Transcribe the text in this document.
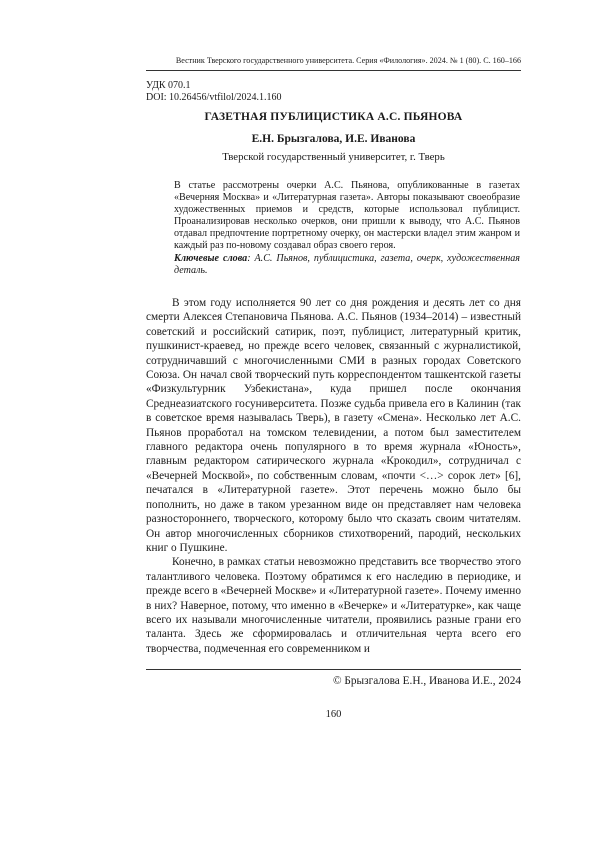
Вестник Тверского государственного университета. Серия «Филология». 2024. № 1 (80). С. 160–166
УДК 070.1
DOI: 10.26456/vtfilol/2024.1.160
ГАЗЕТНАЯ ПУБЛИЦИСТИКА А.С. ПЬЯНОВА
Е.Н. Брызгалова, И.Е. Иванова
Тверской государственный университет, г. Тверь

В статье рассмотрены очерки А.С. Пьянова, опубликованные в газетах «Вечерняя Москва» и «Литературная газета». Авторы показывают своеобразие художественных приемов и средств, которые использовал публицист. Проанализировав несколько очерков, они пришли к выводу, что А.С. Пьянов отдавал предпочтение портретному очерку, он мастерски владел этим жанром и каждый раз по-новому создавал образ своего героя.

Ключевые слова: А.С. Пьянов, публицистика, газета, очерк, художественная деталь.

В этом году исполняется 90 лет со дня рождения и десять лет со дня смерти Алексея Степановича Пьянова. А.С. Пьянов (1934–2014) – известный советский и российский сатирик, поэт, публицист, литературный критик, пушкинист-краевед, но прежде всего человек, связанный с журналистикой, сотрудничавший с многочисленными СМИ в разных городах Советского Союза. Он начал свой творческий путь корреспондентом ташкентской газеты «Физкультурник Узбекистана», куда пришел после окончания Среднеазиатского госуниверситета. Позже судьба привела его в Калинин (так в советское время называлась Тверь), в газету «Смена». Несколько лет А.С. Пьянов проработал на томском телевидении, а потом был заместителем главного редактора очень популярного в то время журнала «Юность», главным редактором сатирического журнала «Крокодил», сотрудничал с «Вечерней Москвой», по собственным словам, «почти <…> сорок лет» [6], печатался в «Литературной газете». Этот перечень можно было бы пополнить, но даже в таком урезанном виде он представляет нам человека разностороннего, творческого, которому было что сказать своим читателям. Он автор многочисленных сборников стихотворений, пародий, нескольких книг о Пушкине.

Конечно, в рамках статьи невозможно представить все творчество этого талантливого человека. Поэтому обратимся к его наследию в периодике, и прежде всего в «Вечерней Москве» и «Литературной газете». Почему именно в них? Наверное, потому, что именно в «Вечерке» и «Литературке», как чаще всего их называли многочисленные читатели, проявились разные грани его таланта. Здесь же сформировалась и отличительная черта всего его творчества, подмеченная его современником и

© Брызгалова Е.Н., Иванова И.Е., 2024
160
